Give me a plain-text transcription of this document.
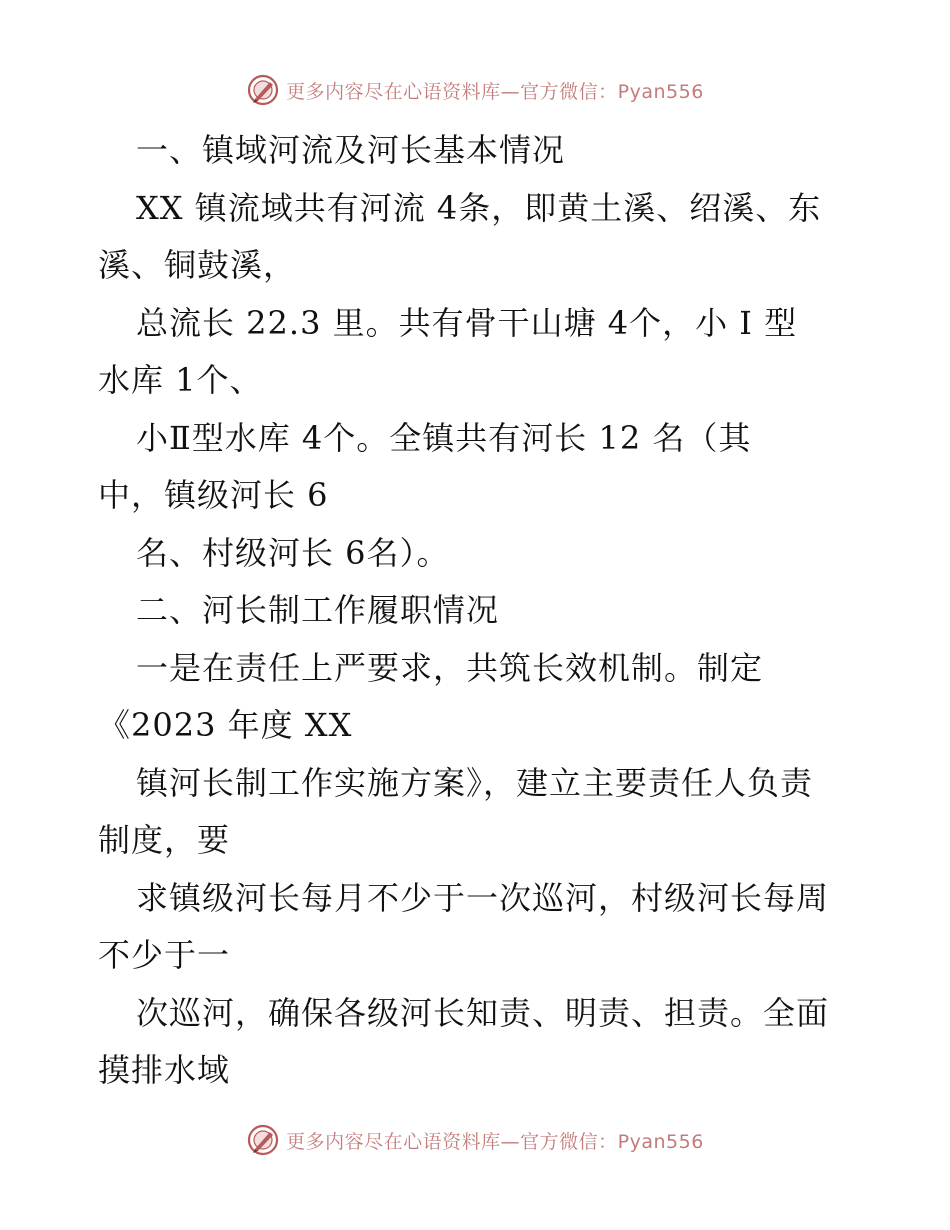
更多内容尽在心语资料库—官方微信：Pyan556
一、镇域河流及河长基本情况
XX 镇流域共有河流 4条，即黄土溪、绍溪、东
溪、铜鼓溪，
总流长 22.3 里。共有骨干山塘 4个，小 I 型
水库 1个、
小Ⅱ型水库 4个。全镇共有河长 12 名（其
中，镇级河长 6
名、村级河长 6名）。
二、河长制工作履职情况
一是在责任上严要求，共筑长效机制。制定
《2023 年度 XX
镇河长制工作实施方案》，建立主要责任人负责
制度，要
求镇级河长每月不少于一次巡河，村级河长每周
不少于一
次巡河，确保各级河长知责、明责、担责。全面
摸排水域
更多内容尽在心语资料库—官方微信：Pyan556
